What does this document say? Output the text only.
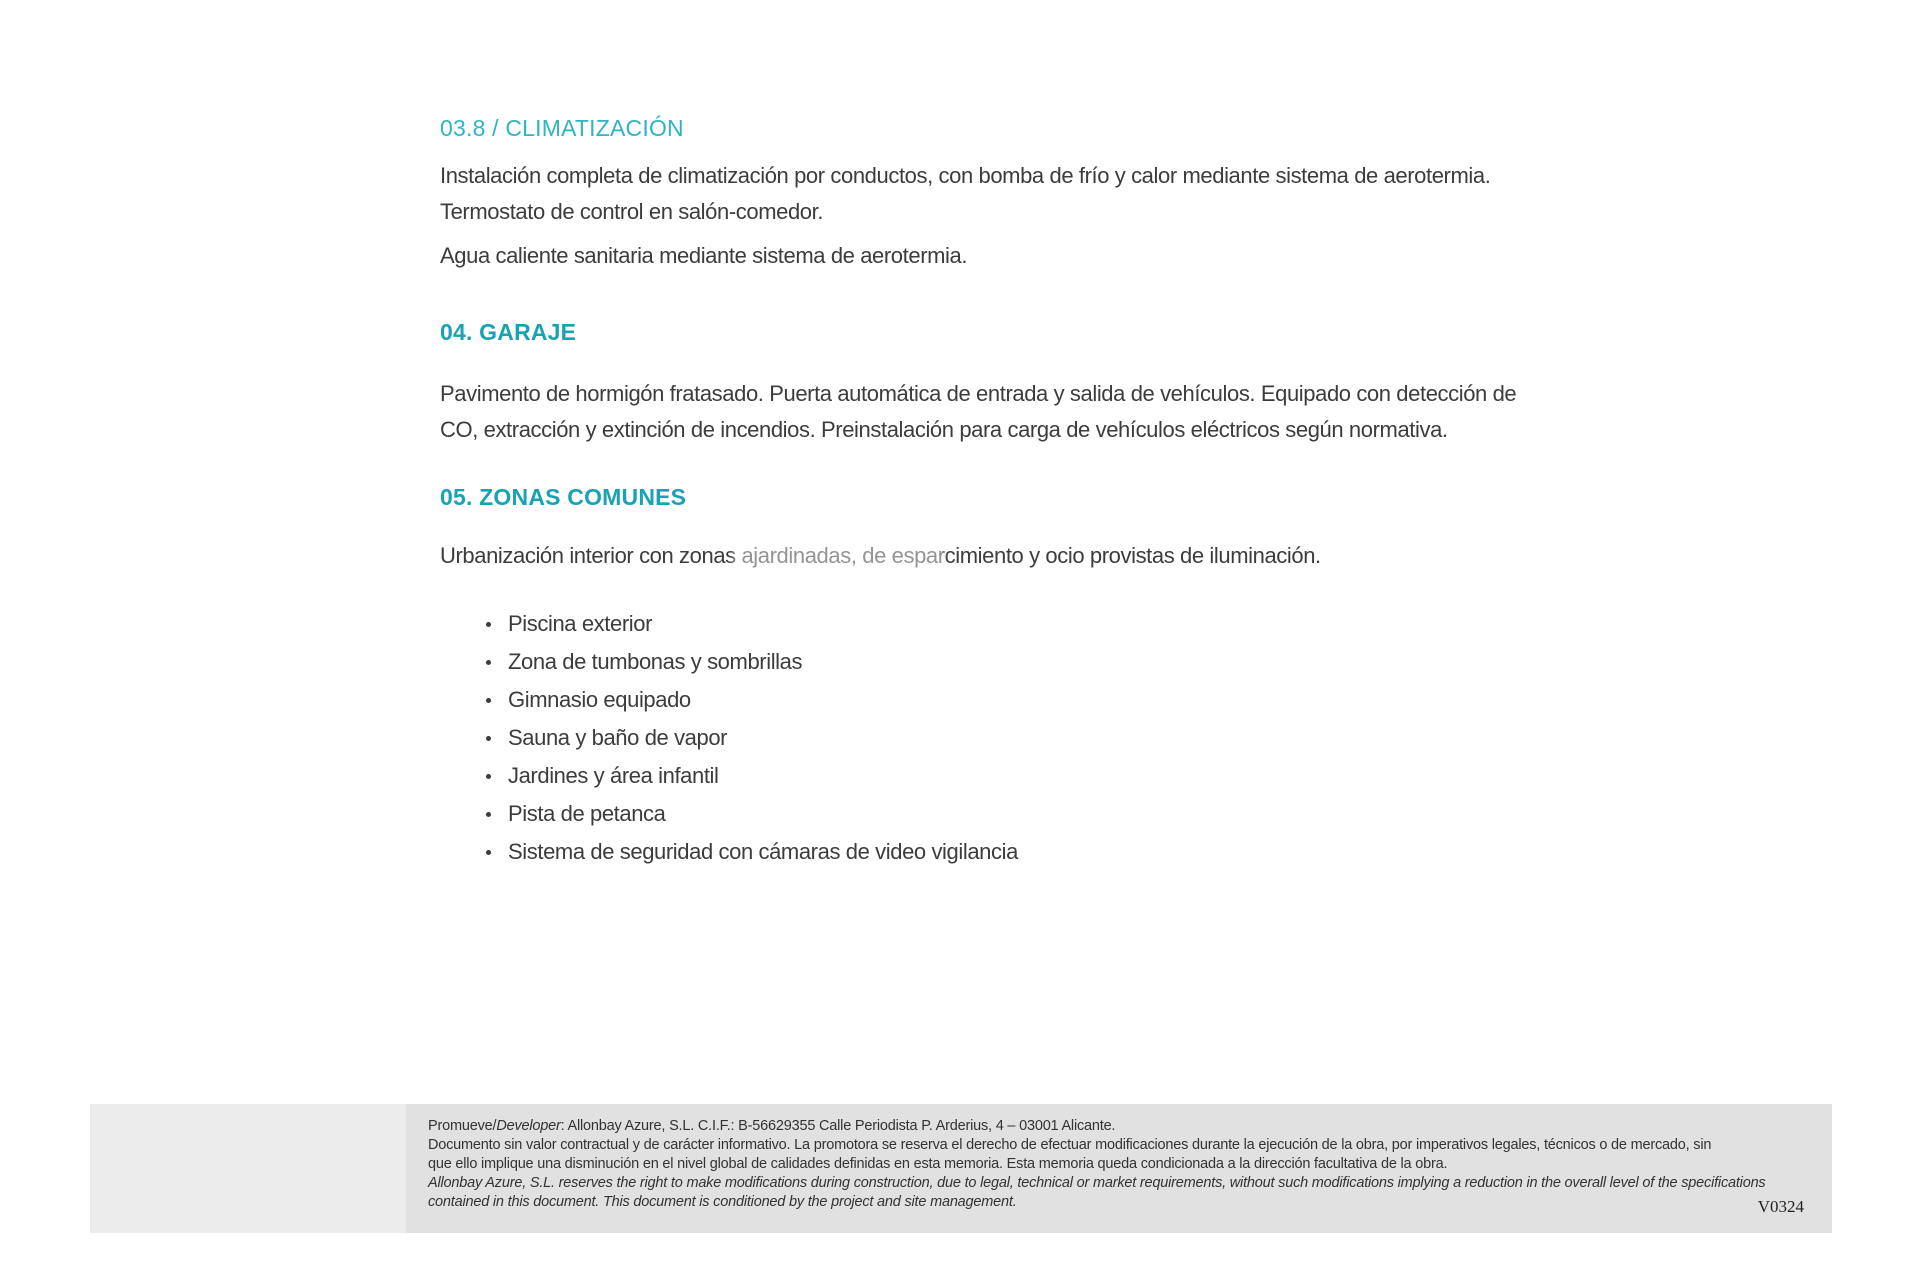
03.8 / CLIMATIZACIÓN
Instalación completa de climatización por conductos, con bomba de frío y calor mediante sistema de aerotermia.
Termostato de control en salón-comedor.
Agua caliente sanitaria mediante sistema de aerotermia.
04. GARAJE
Pavimento de hormigón fratasado. Puerta automática de entrada y salida de vehículos. Equipado con detección de
CO, extracción y extinción de incendios. Preinstalación para carga de vehículos eléctricos según normativa.
05. ZONAS COMUNES
Urbanización interior con zonas ajardinadas, de esparcimiento y ocio provistas de iluminación.
Piscina exterior
Zona de tumbonas y sombrillas
Gimnasio equipado
Sauna y baño de vapor
Jardines y área infantil
Pista de petanca
Sistema de seguridad con cámaras de video vigilancia
Promueve/Developer: Allonbay Azure, S.L. C.I.F.: B-56629355 Calle Periodista P. Arderius, 4 – 03001 Alicante.
Documento sin valor contractual y de carácter informativo. La promotora se reserva el derecho de efectuar modificaciones durante la ejecución de la obra, por imperativos legales, técnicos o de mercado, sin
que ello implique una disminución en el nivel global de calidades definidas en esta memoria. Esta memoria queda condicionada a la dirección facultativa de la obra.
Allonbay Azure, S.L. reserves the right to make modifications during construction, due to legal, technical or market requirements, without such modifications implying a reduction in the overall level of the specifications
contained in this document. This document is conditioned by the project and site management.	V0324
